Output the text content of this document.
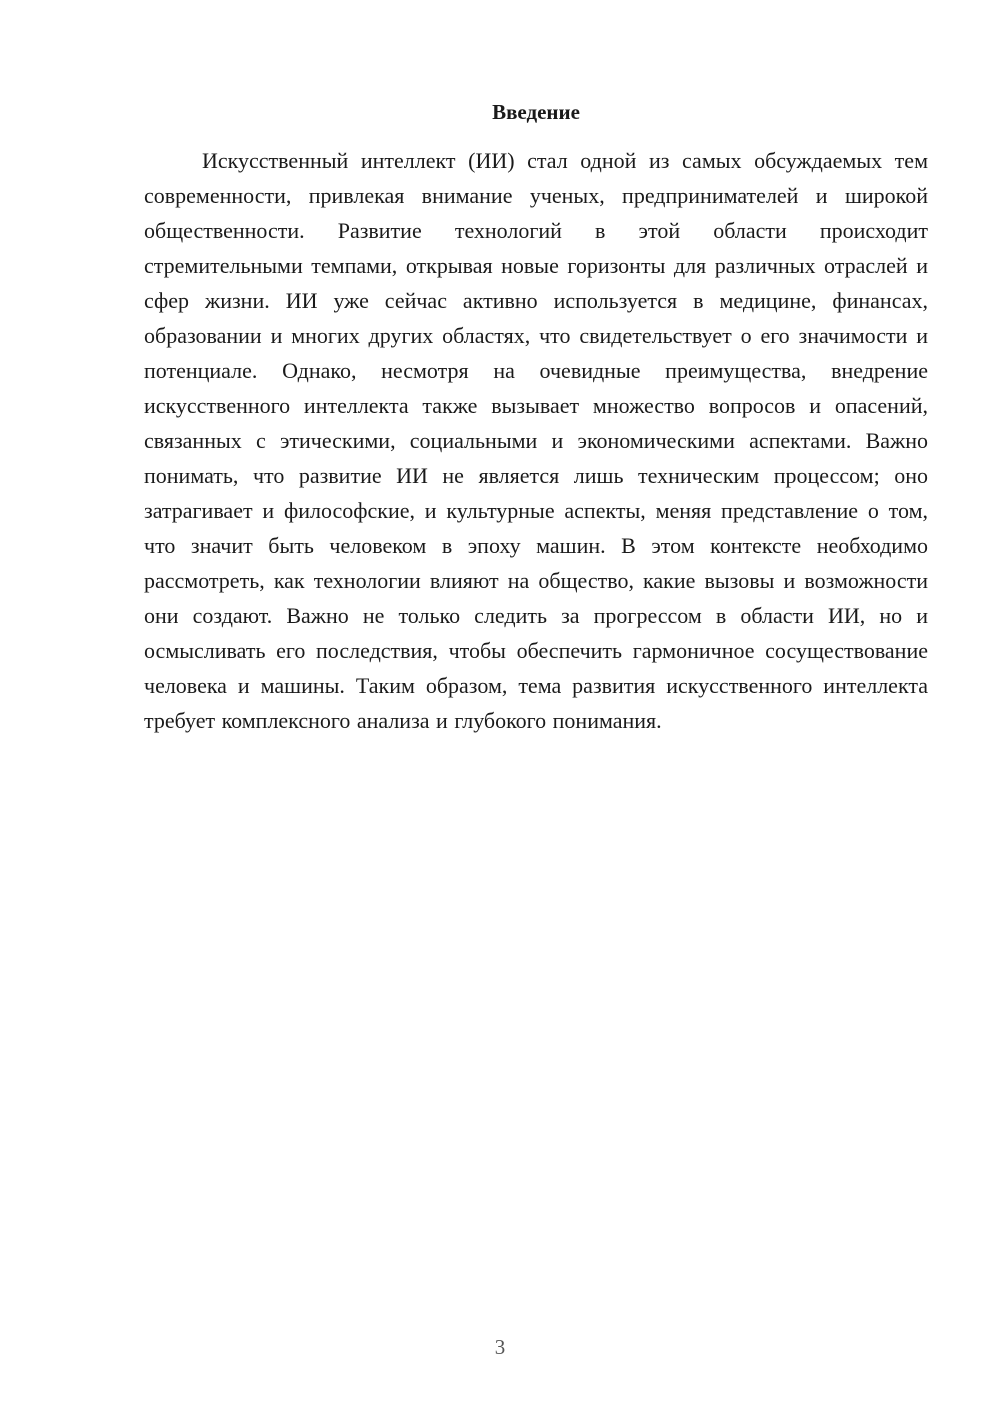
Введение

Искусственный интеллект (ИИ) стал одной из самых обсуждаемых тем современности, привлекая внимание ученых, предпринимателей и широкой общественности. Развитие технологий в этой области происходит стремительными темпами, открывая новые горизонты для различных отраслей и сфер жизни. ИИ уже сейчас активно используется в медицине, финансах, образовании и многих других областях, что свидетельствует о его значимости и потенциале. Однако, несмотря на очевидные преимущества, внедрение искусственного интеллекта также вызывает множество вопросов и опасений, связанных с этическими, социальными и экономическими аспектами. Важно понимать, что развитие ИИ не является лишь техническим процессом; оно затрагивает и философские, и культурные аспекты, меняя представление о том, что значит быть человеком в эпоху машин. В этом контексте необходимо рассмотреть, как технологии влияют на общество, какие вызовы и возможности они создают. Важно не только следить за прогрессом в области ИИ, но и осмысливать его последствия, чтобы обеспечить гармоничное сосуществование человека и машины. Таким образом, тема развития искусственного интеллекта требует комплексного анализа и глубокого понимания.

3
